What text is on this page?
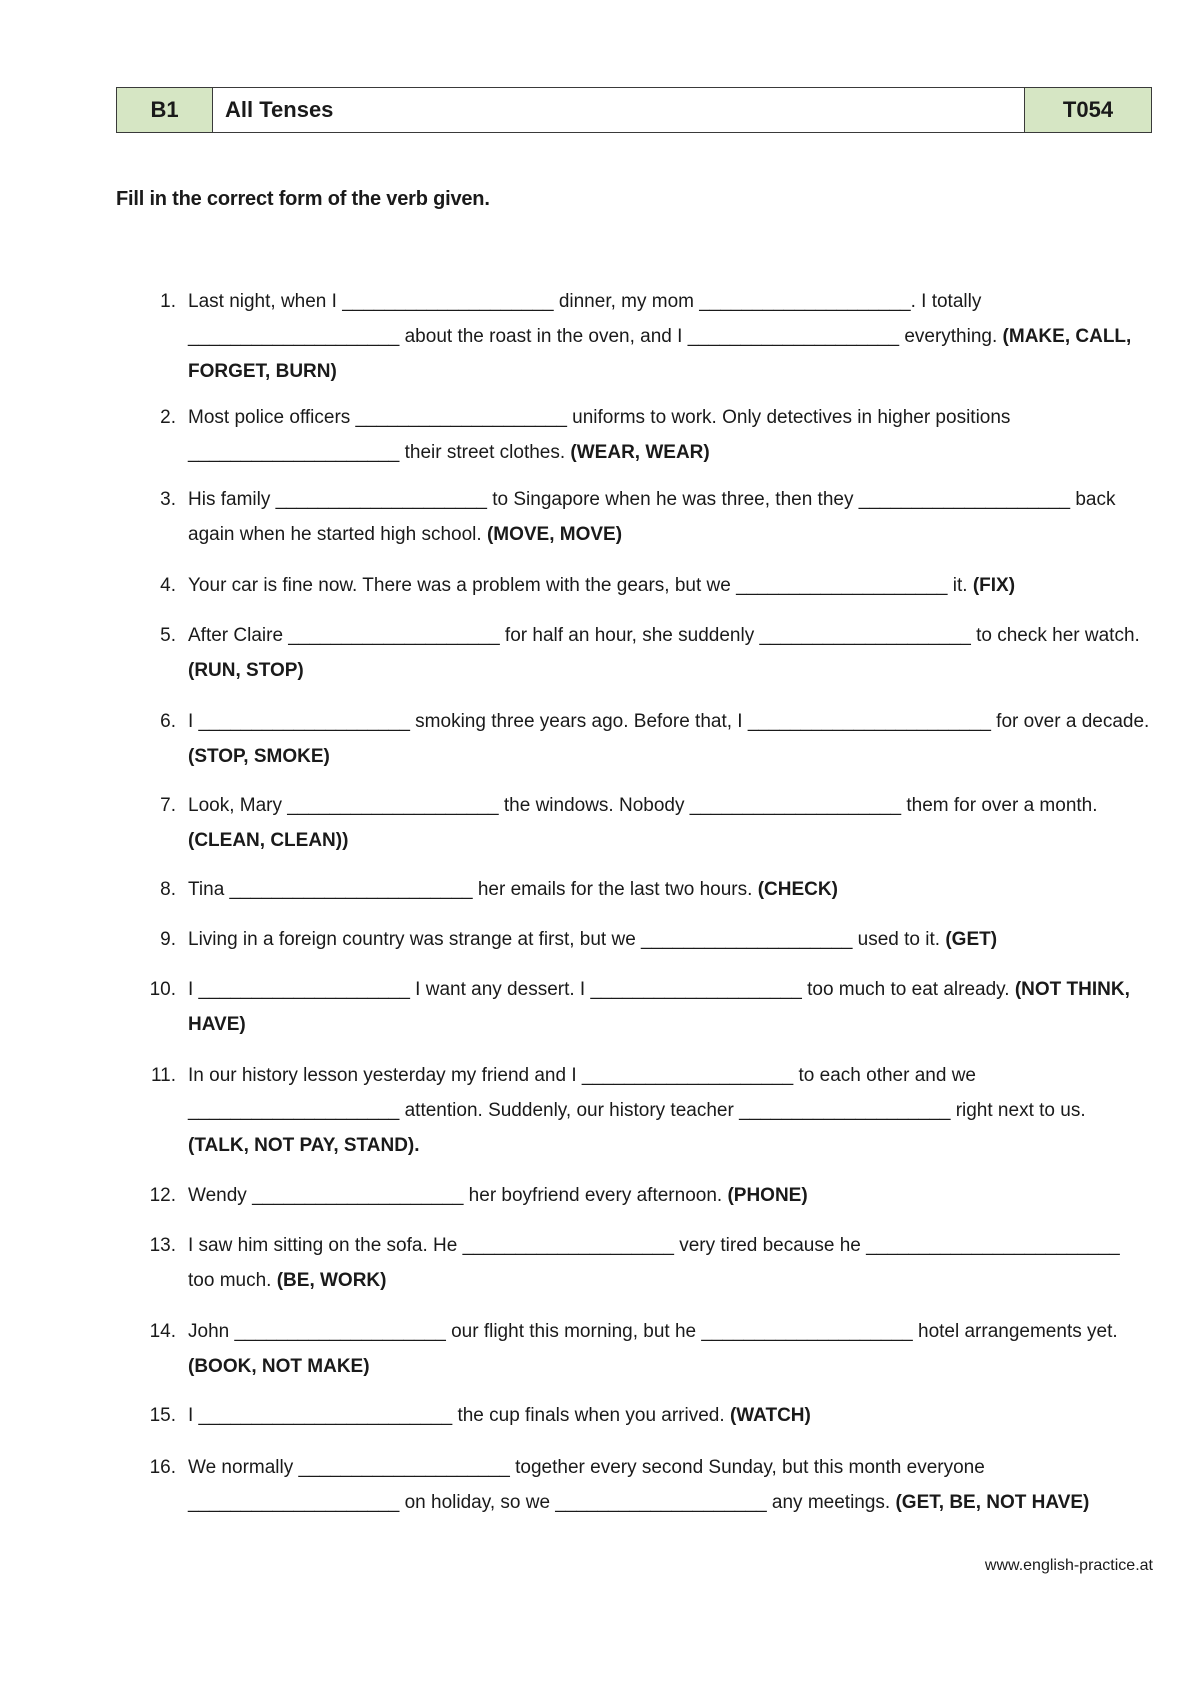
B1	All Tenses	T054
Fill in the correct form of the verb given.
1. Last night, when I ____________________ dinner, my mom ____________________. I totally ____________________ about the roast in the oven, and I ____________________ everything. (MAKE, CALL, FORGET, BURN)
2. Most police officers ____________________ uniforms to work. Only detectives in higher positions ____________________ their street clothes. (WEAR, WEAR)
3. His family ____________________ to Singapore when he was three, then they ____________________ back again when he started high school. (MOVE, MOVE)
4. Your car is fine now. There was a problem with the gears, but we ____________________ it. (FIX)
5. After Claire ____________________ for half an hour, she suddenly ____________________ to check her watch. (RUN, STOP)
6. I ____________________ smoking three years ago. Before that, I _______________________ for over a decade. (STOP, SMOKE)
7. Look, Mary ____________________ the windows. Nobody ____________________ them for over a month. (CLEAN, CLEAN))
8. Tina _______________________ her emails for the last two hours. (CHECK)
9. Living in a foreign country was strange at first, but we ____________________ used to it. (GET)
10. I ____________________ I want any dessert. I ____________________ too much to eat already. (NOT THINK, HAVE)
11. In our history lesson yesterday my friend and I ____________________ to each other and we ____________________ attention. Suddenly, our history teacher ____________________ right next to us. (TALK, NOT PAY, STAND).
12. Wendy ____________________ her boyfriend every afternoon. (PHONE)
13. I saw him sitting on the sofa. He ____________________ very tired because he ________________________ too much. (BE, WORK)
14. John ____________________ our flight this morning, but he ____________________ hotel arrangements yet. (BOOK, NOT MAKE)
15. I ________________________ the cup finals when you arrived. (WATCH)
16. We normally ____________________ together every second Sunday, but this month everyone ____________________ on holiday, so we ____________________ any meetings. (GET, BE, NOT HAVE)
www.english-practice.at
